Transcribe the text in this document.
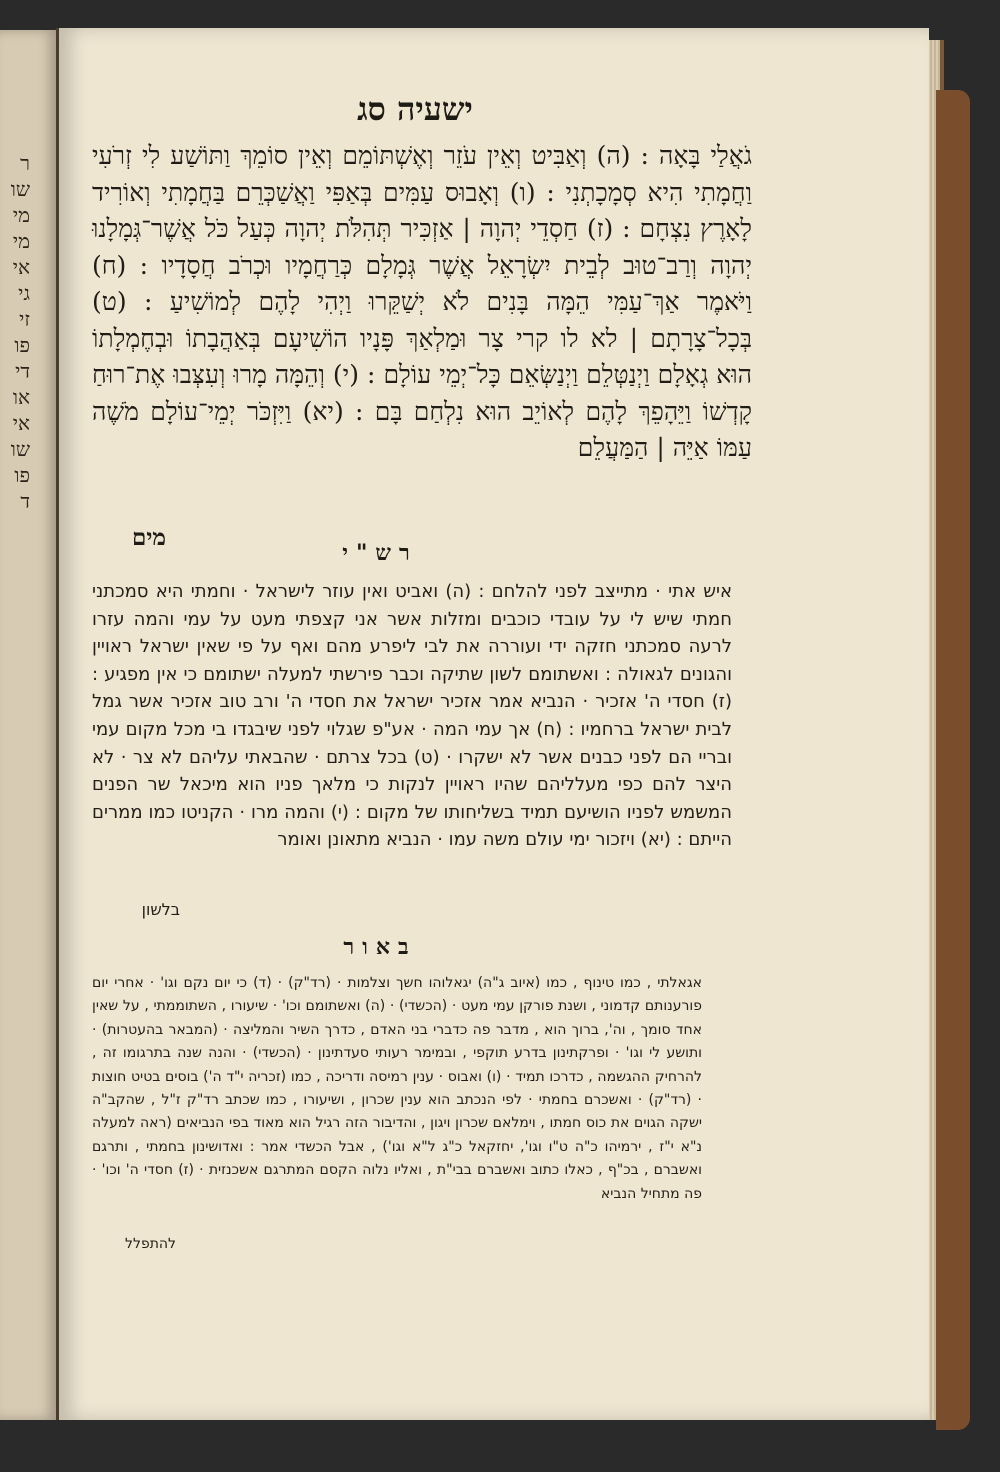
ר
שו
מי
מי
אי
גי
זי
פו
די
או
אי
שו
פו
ד
ישעיה סג
גֹאֲלַי בָּאָה : (ה) וְאַבִּיט וְאֵין עֹזֵר וְאֶשְׁתּוֹמֵם וְאֵין סוֹמֵךְ וַתּוֹשַׁע לִי זְרֹעִי וַחֲמָתִי הִיא סְמָכָתְנִי : (ו) וְאָבוּס עַמִּים בְּאַפִּי וַאֲשַׁכְּרֵם בַּחֲמָתִי וְאוֹרִיד לָאָרֶץ נִצְחָם : (ז) חַסְדֵי יְהוָה | אַזְכִּיר תְּהִלֹּת יְהוָה כְּעַל כֹּל אֲשֶׁר־גְּמָלָנוּ יְהוָה וְרַב־טוּב לְבֵית יִשְׂרָאֵל אֲשֶׁר גְּמָלָם כְּרַחֲמָיו וּכְרֹב חֲסָדָיו : (ח) וַיֹּאמֶר אַךְ־עַמִּי הֵמָּה בָּנִים לֹא יְשַׁקֵּרוּ וַיְהִי לָהֶם לְמוֹשִׁיעַ : (ט) בְּכָל־צָרָתָם | לא לו קרי צָר וּמַלְאַךְ פָּנָיו הוֹשִׁיעָם בְּאַהֲבָתוֹ וּבְחֶמְלָתוֹ הוּא גְאָלָם וַיְנַטְּלֵם וַיְנַשְּׂאֵם כָּל־יְמֵי עוֹלָם : (י) וְהֵמָּה מָרוּ וְעִצְּבוּ אֶת־רוּחַ קָדְשׁוֹ וַיֵּהָפֵךְ לָהֶם לְאוֹיֵב הוּא נִלְחַם בָּם : (יא) וַיִּזְכֹּר יְמֵי־עוֹלָם מֹשֶׁה עַמּוֹ אַיֵּה | הַמַּעֲלֵם
מים
רש"י
איש אתי · מתייצב לפני להלחם : (ה) ואביט ואין עוזר לישראל · וחמתי היא סמכתני חמתי שיש לי על עובדי כוכבים ומזלות אשר אני קצפתי מעט על עמי והמה עזרו לרעה סמכתני חזקה ידי ועוררה את לבי ליפרע מהם ואף על פי שאין ישראל ראויין והגונים לגאולה : ואשתומם לשון שתיקה וכבר פירשתי למעלה ישתומם כי אין מפגיע : (ז) חסדי ה' אזכיר · הנביא אמר אזכיר ישראל את חסדי ה' ורב טוב אזכיר אשר גמל לבית ישראל ברחמיו : (ח) אך עמי המה · אע"פ שגלוי לפני שיבגדו בי מכל מקום עמי ובריי הם לפני כבנים אשר לא ישקרו · (ט) בכל צרתם · שהבאתי עליהם לא צר · לא היצר להם כפי מעלליהם שהיו ראויין לנקות כי מלאך פניו הוא מיכאל שר הפנים המשמש לפניו הושיעם תמיד בשליחותו של מקום : (י) והמה מרו · הקניטו כמו ממרים הייתם : (יא) ויזכור ימי עולם משה עמו · הנביא מתאונן ואומר
בלשון
באור
אגאלתי , כמו טינוף , כמו (איוב ג"ה) יגאלוהו חשך וצלמות · (רד"ק) · (ד) כי יום נקם וגו' · אחרי יום פורענותם קדמוני , ושנת פורקן עמי מעט · (הכשדי) · (ה) ואשתומם וכו' · שיעורו , השתוממתי , על שאין אחד סומך , וה', ברוך הוא , מדבר פה כדברי בני האדם , כדרך השיר והמליצה · (המבאר בהעטרות) · ותושע לי וגו' · ופרקתינון בדרע תוקפי , ובמימר רעותי סעדתינון · (הכשדי) · והנה שנה בתרגומו זה , להרחיק ההגשמה , כדרכו תמיד · (ו) ואבוס · ענין רמיסה ודריכה , כמו (זכריה י"ד ה') בוסים בטיט חוצות · (רד"ק) · ואשכרם בחמתי · לפי הנכתב הוא ענין שכרון , ושיעורו , כמו שכתב רד"ק ז"ל , שהקב"ה ישקה הגוים את כוס חמתו , וימלאם שכרון ויגון , והדיבור הזה רגיל הוא מאוד בפי הנביאים (ראה למעלה נ"א י"ז , ירמיהו כ"ה ט"ו וגו', יחזקאל כ"ג ל"א וגו') , אבל הכשדי אמר : ואדושינון בחמתי , ותרגם ואשברם , בכ"ף , כאלו כתוב ואשברם בבי"ת , ואליו נלוה הקסם המתרגם אשכנזית · (ז) חסדי ה' וכו' · פה מתחיל הנביא
להתפלל
